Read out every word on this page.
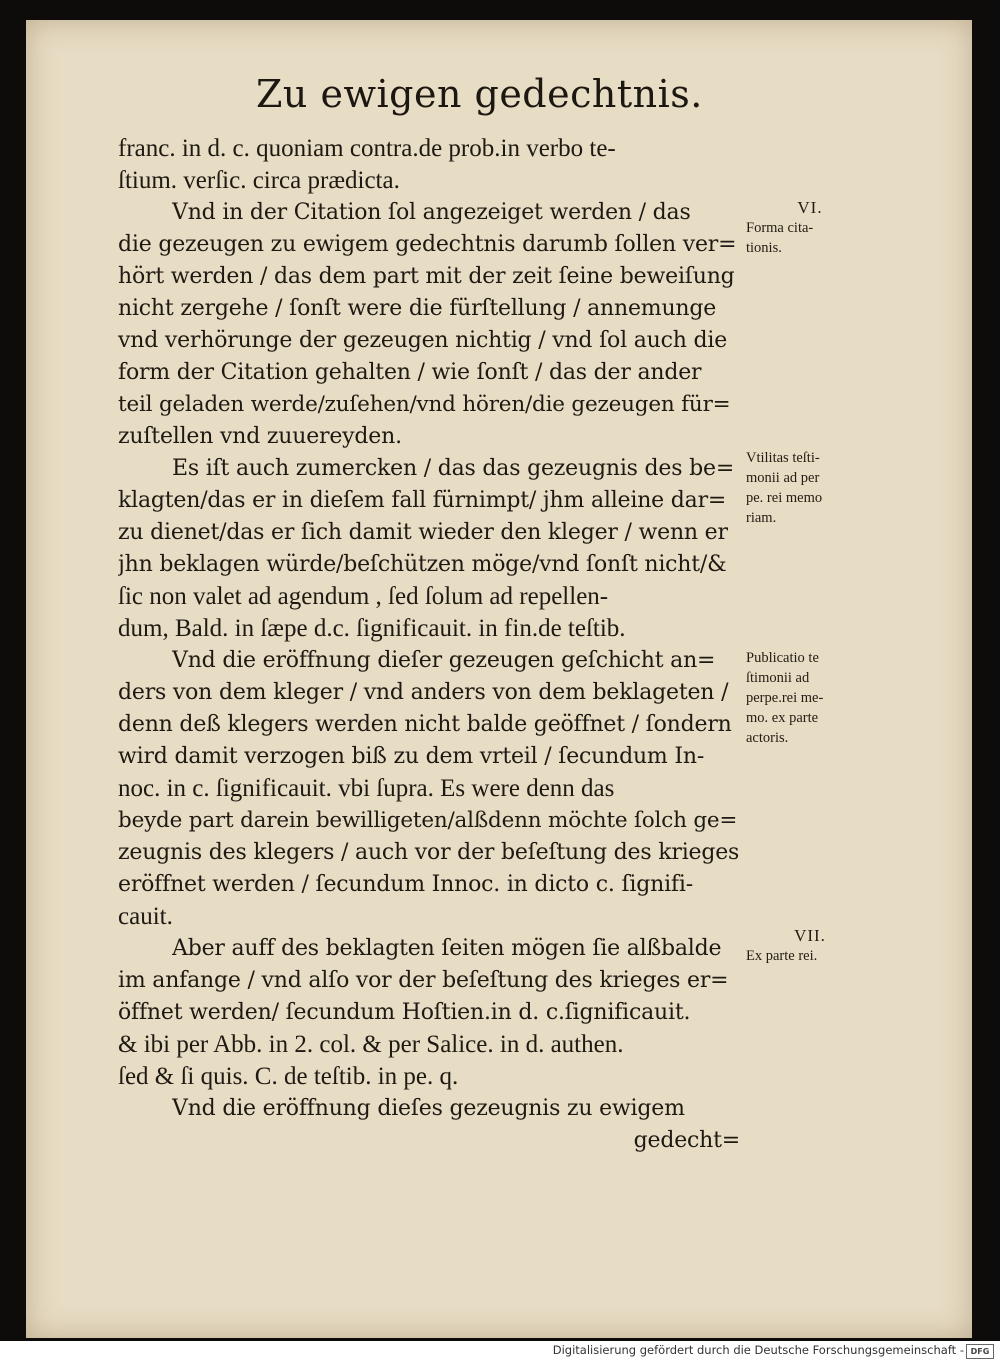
Zu ewigen gedechtnis.
franc. in d. c. quoniam contra.de prob.in verbo te-
ſtium. verſic. circa prædicta.
Vnd in der Citation ſol angezeiget werden / das
die gezeugen zu ewigem gedechtnis darumb ſollen ver=
hört werden / das dem part mit der zeit ſeine beweiſung
nicht zergehe / ſonſt were die fürſtellung / annemunge
vnd verhörunge der gezeugen nichtig / vnd ſol auch die
form der Citation gehalten / wie ſonſt / das der ander
teil geladen werde/zuſehen/vnd hören/die gezeugen für=
zuſtellen vnd zuuereyden.
Es iſt auch zumercken / das das gezeugnis des be=
klagten/das er in dieſem fall fürnimpt/ jhm alleine dar=
zu dienet/das er ſich damit wieder den kleger / wenn er
jhn beklagen würde/beſchützen möge/vnd ſonſt nicht/&
ſic non valet ad agendum , ſed ſolum ad repellen-
dum, Bald. in ſæpe d.c. ſignificauit. in fin.de teſtib.
Vnd die eröffnung dieſer gezeugen geſchicht an=
ders von dem kleger / vnd anders von dem beklageten /
denn deß klegers werden nicht balde geöffnet / ſondern
wird damit verzogen biß zu dem vrteil / ſecundum In-
noc. in c. ſignificauit. vbi ſupra. Es were denn das
beyde part darein bewilligeten/alßdenn möchte ſolch ge=
zeugnis des klegers / auch vor der beſeſtung des krieges
eröffnet werden / ſecundum Innoc. in dicto c. ſignifi-
cauit.
Aber auff des beklagten ſeiten mögen ſie alßbalde
im anfange / vnd alſo vor der beſeſtung des krieges er=
öffnet werden/ ſecundum Hoſtien.in d. c.ſignificauit.
& ibi per Abb. in 2. col. & per Salice. in d. authen.
ſed & ſi quis. C. de teſtib. in pe. q.
Vnd die eröffnung dieſes gezeugnis zu ewigem
gedecht=
VI.
Forma cita-
tionis.
Vtilitas teſti-
monii ad per
pe. rei memo
riam.
Publicatio te
ſtimonii ad
perpe.rei me-
mo. ex parte
actoris.
VII.
Ex parte rei.
Digitalisierung gefördert durch die Deutsche Forschungsgemeinschaft - DFG
